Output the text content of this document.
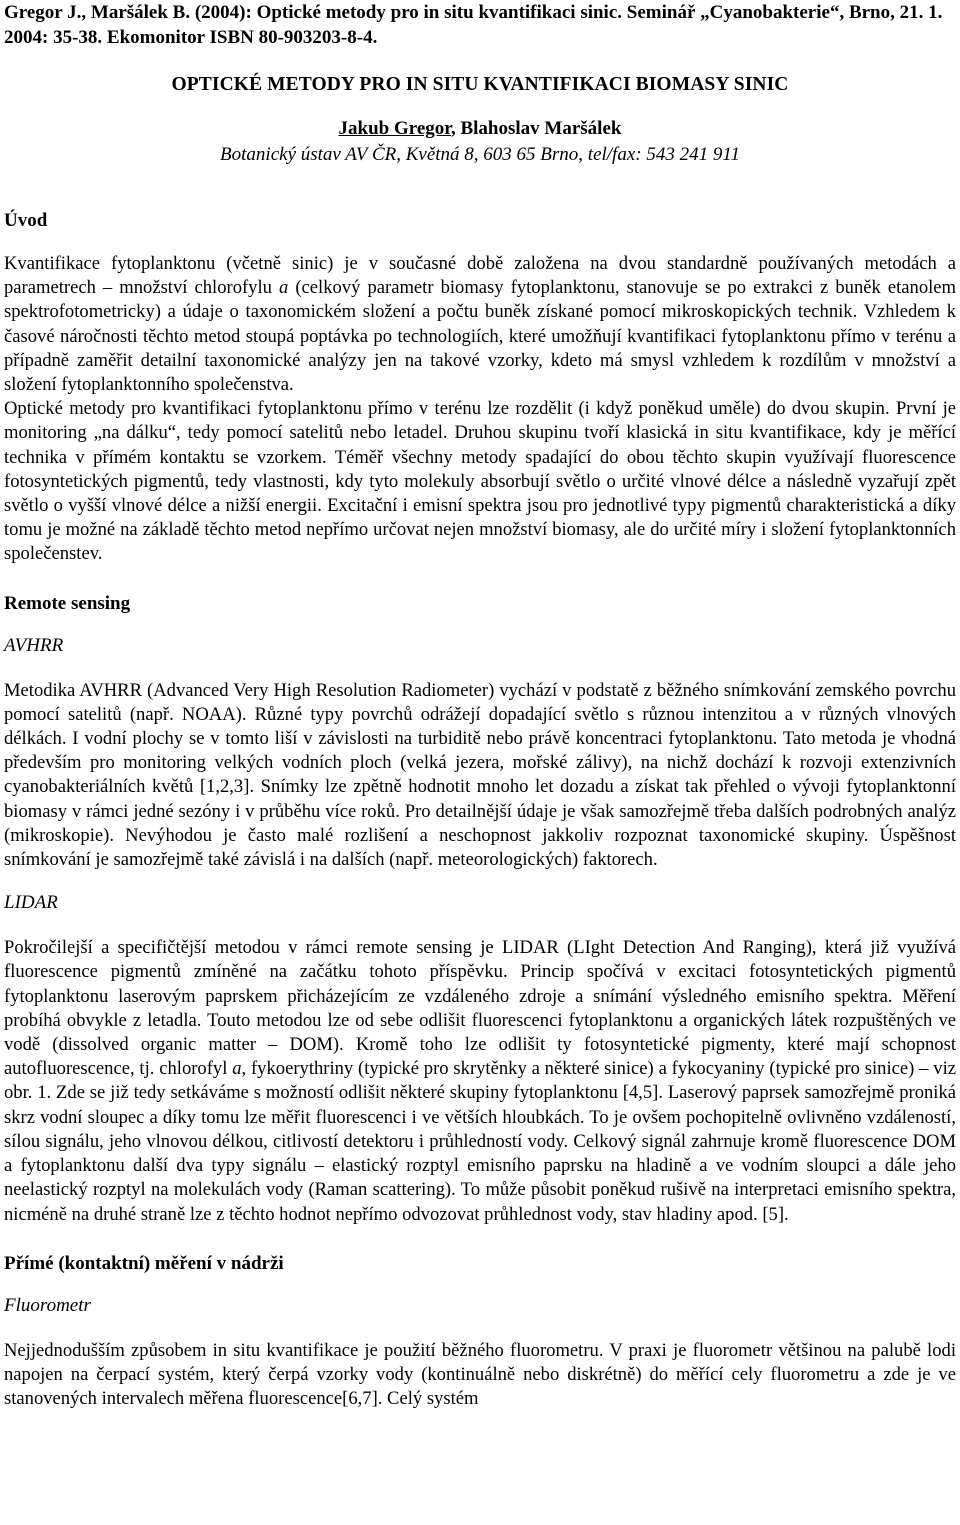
Gregor J., Maršálek B. (2004): Optické metody pro in situ kvantifikaci sinic. Seminář „Cyanobakterie“, Brno, 21. 1. 2004: 35-38. Ekomonitor ISBN 80-903203-8-4.
OPTICKÉ METODY PRO IN SITU KVANTIFIKACI BIOMASY SINIC
Jakub Gregor, Blahoslav Maršálek
Botanický ústav AV ČR, Květná 8, 603 65 Brno, tel/fax: 543 241 911
Úvod

Kvantifikace fytoplanktonu (včetně sinic) je v současné době založena na dvou standardně používaných metodách a parametrech – množství chlorofylu a (celkový parametr biomasy fytoplanktonu, stanovuje se po extrakci z buněk etanolem spektrofotometricky) a údaje o taxonomickém složení a počtu buněk získané pomocí mikroskopických technik. Vzhledem k časové náročnosti těchto metod stoupá poptávka po technologiích, které umožňují kvantifikaci fytoplanktonu přímo v terénu a případně zaměřit detailní taxonomické analýzy jen na takové vzorky, kdeto má smysl vzhledem k rozdílům v množství a složení fytoplanktonního společenstva.

Optické metody pro kvantifikaci fytoplanktonu přímo v terénu lze rozdělit (i když poněkud uměle) do dvou skupin. První je monitoring „na dálku“, tedy pomocí satelitů nebo letadel. Druhou skupinu tvoří klasická in situ kvantifikace, kdy je měřící technika v přímém kontaktu se vzorkem. Téměř všechny metody spadající do obou těchto skupin využívají fluorescence fotosyntetických pigmentů, tedy vlastnosti, kdy tyto molekuly absorbují světlo o určité vlnové délce a následně vyzařují zpět světlo o vyšší vlnové délce a nižší energii. Excitační i emisní spektra jsou pro jednotlivé typy pigmentů charakteristická a díky tomu je možné na základě těchto metod nepřímo určovat nejen množství biomasy, ale do určité míry i složení fytoplanktonních společenstev.

Remote sensing
AVHRR

Metodika AVHRR (Advanced Very High Resolution Radiometer) vychází v podstatě z běžného snímkování zemského povrchu pomocí satelitů (např. NOAA). Různé typy povrchů odrážejí dopadající světlo s různou intenzitou a v různých vlnových délkách. I vodní plochy se v tomto liší v závislosti na turbiditě nebo právě koncentraci fytoplanktonu. Tato metoda je vhodná především pro monitoring velkých vodních ploch (velká jezera, mořské zálivy), na nichž dochází k rozvoji extenzivních cyanobakteriálních květů [1,2,3]. Snímky lze zpětně hodnotit mnoho let dozadu a získat tak přehled o vývoji fytoplanktonní biomasy v rámci jedné sezóny i v průběhu více roků. Pro detailnější údaje je však samozřejmě třeba dalších podrobných analýz (mikroskopie). Nevýhodou je často malé rozlišení a neschopnost jakkoliv rozpoznat taxonomické skupiny. Úspěšnost snímkování je samozřejmě také závislá i na dalších (např. meteorologických) faktorech.

LIDAR

Pokročilejší a specifičtější metodou v rámci remote sensing je LIDAR (LIght Detection And Ranging), která již využívá fluorescence pigmentů zmíněné na začátku tohoto příspěvku. Princip spočívá v excitaci fotosyntetických pigmentů fytoplanktonu laserovým paprskem přicházejícím ze vzdáleného zdroje a snímání výsledného emisního spektra. Měření probíhá obvykle z letadla. Touto metodou lze od sebe odlišit fluorescenci fytoplanktonu a organických látek rozpuštěných ve vodě (dissolved organic matter – DOM). Kromě toho lze odlišit ty fotosyntetické pigmenty, které mají schopnost autofluorescence, tj. chlorofyl a, fykoerythriny (typické pro skrytěnky a některé sinice) a fykocyaniny (typické pro sinice) – viz obr. 1. Zde se již tedy setkáváme s možností odlišit některé skupiny fytoplanktonu [4,5]. Laserový paprsek samozřejmě proniká skrz vodní sloupec a díky tomu lze měřit fluorescenci i ve větších hloubkách. To je ovšem pochopitelně ovlivněno vzdáleností, sílou signálu, jeho vlnovou délkou, citlivostí detektoru i průhledností vody. Celkový signál zahrnuje kromě fluorescence DOM a fytoplanktonu další dva typy signálu – elastický rozptyl emisního paprsku na hladině a ve vodním sloupci a dále jeho neelastický rozptyl na molekulách vody (Raman scattering). To může působit poněkud rušivě na interpretaci emisního spektra, nicméně na druhé straně lze z těchto hodnot nepřímo odvozovat průhlednost vody, stav hladiny apod. [5].

Přímé (kontaktní) měření v nádrži
Fluorometr

Nejjednodušším způsobem in situ kvantifikace je použití běžného fluorometru. V praxi je fluorometr většinou na palubě lodi napojen na čerpací systém, který čerpá vzorky vody (kontinuálně nebo diskrétně) do měřící cely fluorometru a zde je ve stanovených intervalech měřena fluorescence[6,7]. Celý systém
